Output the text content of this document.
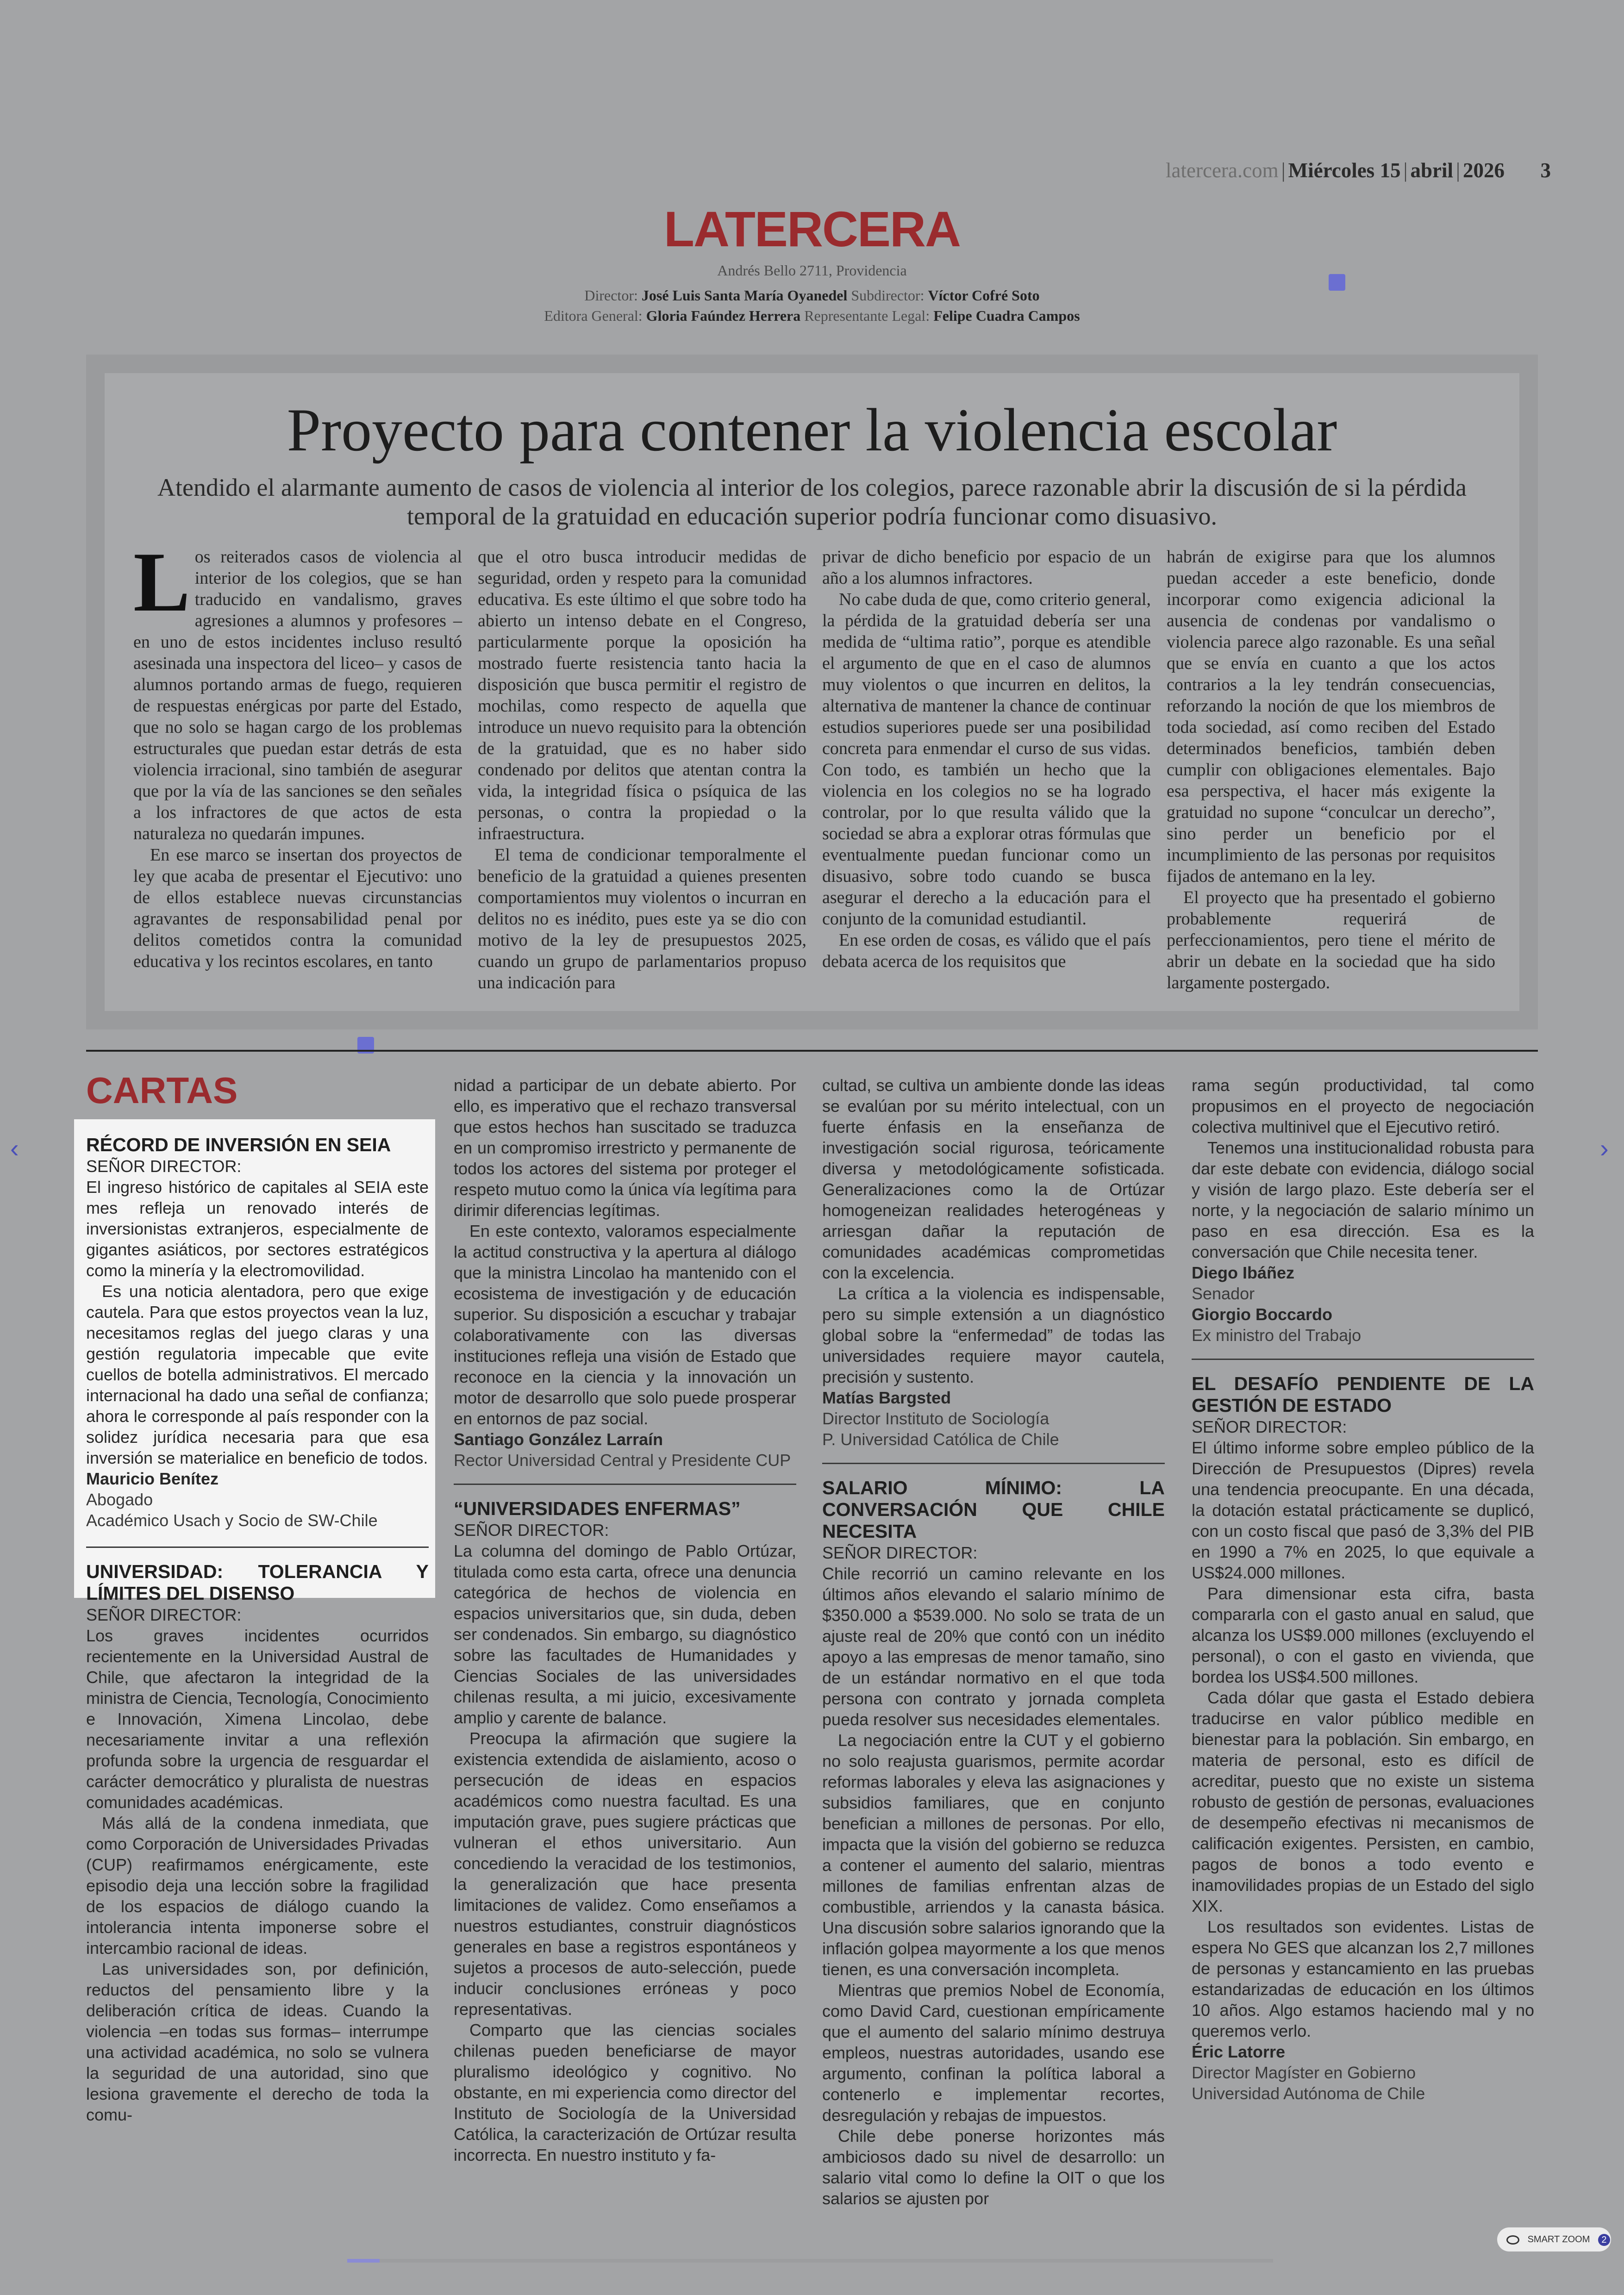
latercera.com | Miércoles 15 | abril | 2026 3
LATERCERA
Andrés Bello 2711, Providencia
Director: José Luis Santa María Oyanedel Subdirector: Víctor Cofré Soto
Editora General: Gloria Faúndez Herrera Representante Legal: Felipe Cuadra Campos
Proyecto para contener la violencia escolar
Atendido el alarmante aumento de casos de violencia al interior de los colegios, parece razonable abrir la discusión de si la pérdida temporal de la gratuidad en educación superior podría funcionar como disuasivo.

Los reiterados casos de violencia al interior de los colegios, que se han traducido en vandalismo, graves agresiones a alumnos y profesores –en uno de estos incidentes incluso resultó asesinada una inspectora del liceo– y casos de alumnos portando armas de fuego, requieren de respuestas enérgicas por parte del Estado, que no solo se hagan cargo de los problemas estructurales que puedan estar detrás de esta violencia irracional, sino también de asegurar que por la vía de las sanciones se den señales a los infractores de que actos de esta naturaleza no quedarán impunes.

En ese marco se insertan dos proyectos de ley que acaba de presentar el Ejecutivo: uno de ellos establece nuevas circunstancias agravantes de responsabilidad penal por delitos cometidos contra la comunidad educativa y los recintos escolares, en tanto

que el otro busca introducir medidas de seguridad, orden y respeto para la comunidad educativa. Es este último el que sobre todo ha abierto un intenso debate en el Congreso, particularmente porque la oposición ha mostrado fuerte resistencia tanto hacia la disposición que busca permitir el registro de mochilas, como respecto de aquella que introduce un nuevo requisito para la obtención de la gratuidad, que es no haber sido condenado por delitos que atentan contra la vida, la integridad física o psíquica de las personas, o contra la propiedad o la infraestructura.

El tema de condicionar temporalmente el beneficio de la gratuidad a quienes presenten comportamientos muy violentos o incurran en delitos no es inédito, pues este ya se dio con motivo de la ley de presupuestos 2025, cuando un grupo de parlamentarios propuso una indicación para

privar de dicho beneficio por espacio de un año a los alumnos infractores.

No cabe duda de que, como criterio general, la pérdida de la gratuidad debería ser una medida de “ultima ratio”, porque es atendible el argumento de que en el caso de alumnos muy violentos o que incurren en delitos, la alternativa de mantener la chance de continuar estudios superiores puede ser una posibilidad concreta para enmendar el curso de sus vidas. Con todo, es también un hecho que la violencia en los colegios no se ha logrado controlar, por lo que resulta válido que la sociedad se abra a explorar otras fórmulas que eventualmente puedan funcionar como un disuasivo, sobre todo cuando se busca asegurar el derecho a la educación para el conjunto de la comunidad estudiantil.

En ese orden de cosas, es válido que el país debata acerca de los requisitos que

habrán de exigirse para que los alumnos puedan acceder a este beneficio, donde incorporar como exigencia adicional la ausencia de condenas por vandalismo o violencia parece algo razonable. Es una señal que se envía en cuanto a que los actos contrarios a la ley tendrán consecuencias, reforzando la noción de que los miembros de toda sociedad, así como reciben del Estado determinados beneficios, también deben cumplir con obligaciones elementales. Bajo esa perspectiva, el hacer más exigente la gratuidad no supone “conculcar un derecho”, sino perder un beneficio por el incumplimiento de las personas por requisitos fijados de antemano en la ley.

El proyecto que ha presentado el gobierno probablemente requerirá de perfeccionamientos, pero tiene el mérito de abrir un debate en la sociedad que ha sido largamente postergado.

CARTAS

RÉCORD DE INVERSIÓN EN SEIA

SEÑOR DIRECTOR:

El ingreso histórico de capitales al SEIA este mes refleja un renovado interés de inversionistas extranjeros, especialmente de gigantes asiáticos, por sectores estratégicos como la minería y la electromovilidad.

Es una noticia alentadora, pero que exige cautela. Para que estos proyectos vean la luz, necesitamos reglas del juego claras y una gestión regulatoria impecable que evite cuellos de botella administrativos. El mercado internacional ha dado una señal de confianza; ahora le corresponde al país responder con la solidez jurídica necesaria para que esa inversión se materialice en beneficio de todos.

Mauricio Benítez

Abogado

Académico Usach y Socio de SW-Chile

UNIVERSIDAD: TOLERANCIA Y LÍMITES DEL DISENSO

SEÑOR DIRECTOR:

Los graves incidentes ocurridos recientemente en la Universidad Austral de Chile, que afectaron la integridad de la ministra de Ciencia, Tecnología, Conocimiento e Innovación, Ximena Lincolao, debe necesariamente invitar a una reflexión profunda sobre la urgencia de resguardar el carácter democrático y pluralista de nuestras comunidades académicas.

Más allá de la condena inmediata, que como Corporación de Universidades Privadas (CUP) reafirmamos enérgicamente, este episodio deja una lección sobre la fragilidad de los espacios de diálogo cuando la intolerancia intenta imponerse sobre el intercambio racional de ideas.

Las universidades son, por definición, reductos del pensamiento libre y la deliberación crítica de ideas. Cuando la violencia –en todas sus formas– interrumpe una actividad académica, no solo se vulnera la seguridad de una autoridad, sino que lesiona gravemente el derecho de toda la comu-

nidad a participar de un debate abierto. Por ello, es imperativo que el rechazo transversal que estos hechos han suscitado se traduzca en un compromiso irrestricto y permanente de todos los actores del sistema por proteger el respeto mutuo como la única vía legítima para dirimir diferencias legítimas.

En este contexto, valoramos especialmente la actitud constructiva y la apertura al diálogo que la ministra Lincolao ha mantenido con el ecosistema de investigación y de educación superior. Su disposición a escuchar y trabajar colaborativamente con las diversas instituciones refleja una visión de Estado que reconoce en la ciencia y la innovación un motor de desarrollo que solo puede prosperar en entornos de paz social.

Santiago González Larraín

Rector Universidad Central y Presidente CUP

“UNIVERSIDADES ENFERMAS”

SEÑOR DIRECTOR:

La columna del domingo de Pablo Ortúzar, titulada como esta carta, ofrece una denuncia categórica de hechos de violencia en espacios universitarios que, sin duda, deben ser condenados. Sin embargo, su diagnóstico sobre las facultades de Humanidades y Ciencias Sociales de las universidades chilenas resulta, a mi juicio, excesivamente amplio y carente de balance.

Preocupa la afirmación que sugiere la existencia extendida de aislamiento, acoso o persecución de ideas en espacios académicos como nuestra facultad. Es una imputación grave, pues sugiere prácticas que vulneran el ethos universitario. Aun concediendo la veracidad de los testimonios, la generalización que hace presenta limitaciones de validez. Como enseñamos a nuestros estudiantes, construir diagnósticos generales en base a registros espontáneos y sujetos a procesos de auto-selección, puede inducir conclusiones erróneas y poco representativas.

Comparto que las ciencias sociales chilenas pueden beneficiarse de mayor pluralismo ideológico y cognitivo. No obstante, en mi experiencia como director del Instituto de Sociología de la Universidad Católica, la caracterización de Ortúzar resulta incorrecta. En nuestro instituto y fa-

cultad, se cultiva un ambiente donde las ideas se evalúan por su mérito intelectual, con un fuerte énfasis en la enseñanza de investigación social rigurosa, teóricamente diversa y metodológicamente sofisticada. Generalizaciones como la de Ortúzar homogeneizan realidades heterogéneas y arriesgan dañar la reputación de comunidades académicas comprometidas con la excelencia.

La crítica a la violencia es indispensable, pero su simple extensión a un diagnóstico global sobre la “enfermedad” de todas las universidades requiere mayor cautela, precisión y sustento.

Matías Bargsted

Director Instituto de Sociología

P. Universidad Católica de Chile

SALARIO MÍNIMO: LA CONVERSACIÓN QUE CHILE NECESITA

SEÑOR DIRECTOR:

Chile recorrió un camino relevante en los últimos años elevando el salario mínimo de $350.000 a $539.000. No solo se trata de un ajuste real de 20% que contó con un inédito apoyo a las empresas de menor tamaño, sino de un estándar normativo en el que toda persona con contrato y jornada completa pueda resolver sus necesidades elementales.

La negociación entre la CUT y el gobierno no solo reajusta guarismos, permite acordar reformas laborales y eleva las asignaciones y subsidios familiares, que en conjunto benefician a millones de personas. Por ello, impacta que la visión del gobierno se reduzca a contener el aumento del salario, mientras millones de familias enfrentan alzas de combustible, arriendos y la canasta básica. Una discusión sobre salarios ignorando que la inflación golpea mayormente a los que menos tienen, es una conversación incompleta.

Mientras que premios Nobel de Economía, como David Card, cuestionan empíricamente que el aumento del salario mínimo destruya empleos, nuestras autoridades, usando ese argumento, confinan la política laboral a contenerlo e implementar recortes, desregulación y rebajas de impuestos.

Chile debe ponerse horizontes más ambiciosos dado su nivel de desarrollo: un salario vital como lo define la OIT o que los salarios se ajusten por

rama según productividad, tal como propusimos en el proyecto de negociación colectiva multinivel que el Ejecutivo retiró.

Tenemos una institucionalidad robusta para dar este debate con evidencia, diálogo social y visión de largo plazo. Este debería ser el norte, y la negociación de salario mínimo un paso en esa dirección. Esa es la conversación que Chile necesita tener.

Diego Ibáñez

Senador

Giorgio Boccardo

Ex ministro del Trabajo

EL DESAFÍO PENDIENTE DE LA GESTIÓN DE ESTADO

SEÑOR DIRECTOR:

El último informe sobre empleo público de la Dirección de Presupuestos (Dipres) revela una tendencia preocupante. En una década, la dotación estatal prácticamente se duplicó, con un costo fiscal que pasó de 3,3% del PIB en 1990 a 7% en 2025, lo que equivale a US$24.000 millones.

Para dimensionar esta cifra, basta compararla con el gasto anual en salud, que alcanza los US$9.000 millones (excluyendo el personal), o con el gasto en vivienda, que bordea los US$4.500 millones.

Cada dólar que gasta el Estado debiera traducirse en valor público medible en bienestar para la población. Sin embargo, en materia de personal, esto es difícil de acreditar, puesto que no existe un sistema robusto de gestión de personas, evaluaciones de desempeño efectivas ni mecanismos de calificación exigentes. Persisten, en cambio, pagos de bonos a todo evento e inamovilidades propias de un Estado del siglo XIX.

Los resultados son evidentes. Listas de espera No GES que alcanzan los 2,7 millones de personas y estancamiento en las pruebas estandarizadas de educación en los últimos 10 años. Algo estamos haciendo mal y no queremos verlo.

Éric Latorre

Director Magíster en Gobierno

Universidad Autónoma de Chile

‹	›
SMART ZOOM 2
